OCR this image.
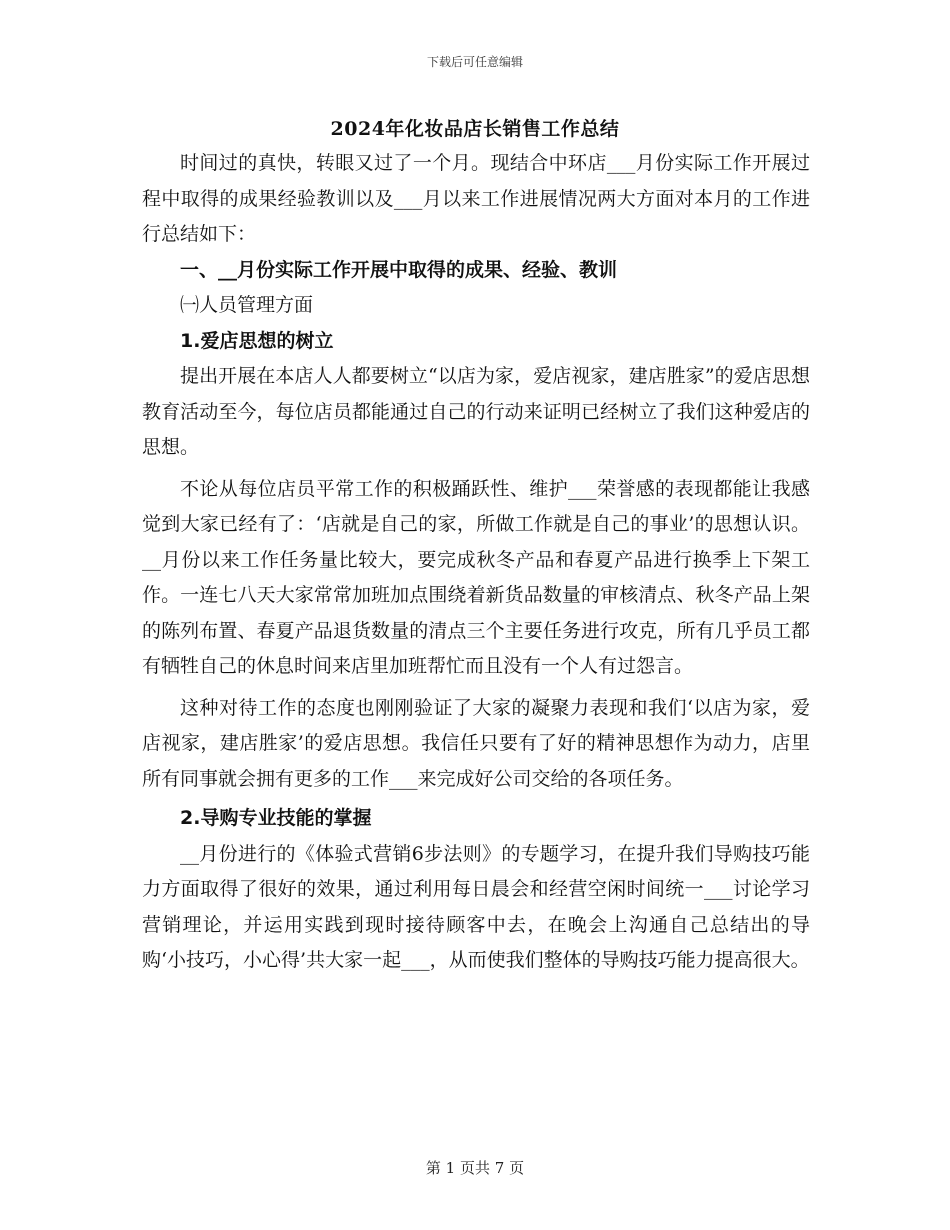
下载后可任意编辑
2024年化妆品店长销售工作总结

时间过的真快，转眼又过了一个月。现结合中环店___月份实际工作开展过程中取得的成果经验教训以及___月以来工作进展情况两大方面对本月的工作进行总结如下：

一、__月份实际工作开展中取得的成果、经验、教训

㈠人员管理方面

1.爱店思想的树立

提出开展在本店人人都要树立“以店为家，爱店视家，建店胜家”的爱店思想教育活动至今，每位店员都能通过自己的行动来证明已经树立了我们这种爱店的思想。

不论从每位店员平常工作的积极踊跃性、维护___荣誉感的表现都能让我感觉到大家已经有了：‘店就是自己的家，所做工作就是自己的事业’的思想认识。__月份以来工作任务量比较大，要完成秋冬产品和春夏产品进行换季上下架工作。一连七八天大家常常加班加点围绕着新货品数量的审核清点、秋冬产品上架的陈列布置、春夏产品退货数量的清点三个主要任务进行攻克，所有几乎员工都有牺牲自己的休息时间来店里加班帮忙而且没有一个人有过怨言。

这种对待工作的态度也刚刚验证了大家的凝聚力表现和我们‘以店为家，爱店视家，建店胜家’的爱店思想。我信任只要有了好的精神思想作为动力，店里所有同事就会拥有更多的工作___来完成好公司交给的各项任务。

2.导购专业技能的掌握

__月份进行的《体验式营销6步法则》的专题学习，在提升我们导购技巧能力方面取得了很好的效果，通过利用每日晨会和经营空闲时间统一___讨论学习营销理论，并运用实践到现时接待顾客中去，在晚会上沟通自己总结出的导购‘小技巧，小心得’共大家一起___，从而使我们整体的导购技巧能力提高很大。

第 1 页共 7 页
